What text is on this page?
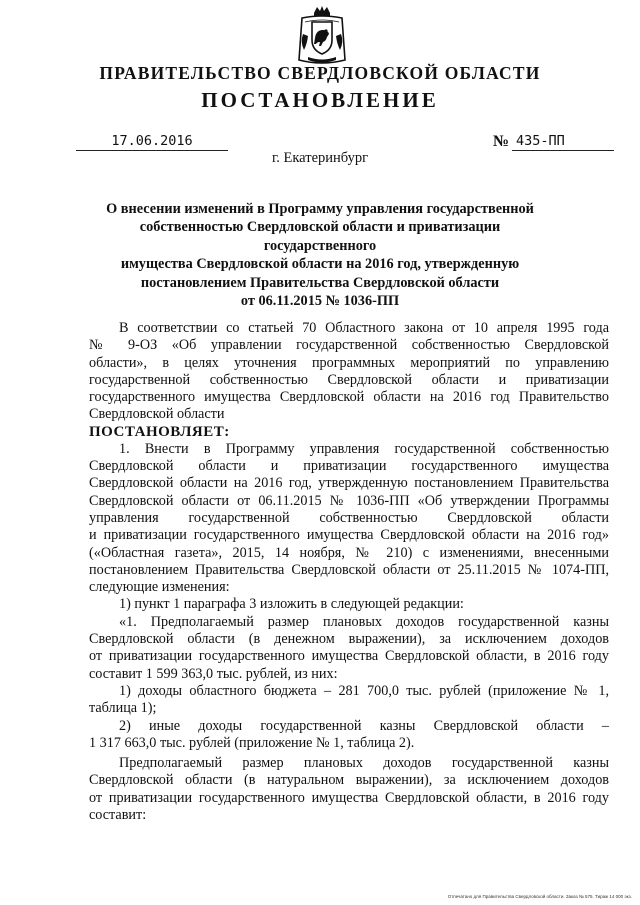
ПРАВИТЕЛЬСТВО СВЕРДЛОВСКОЙ ОБЛАСТИ
ПОСТАНОВЛЕНИЕ
17.06.2016	№ 435-ПП
г. Екатеринбург
О внесении изменений в Программу управления государственной
собственностью Свердловской области и приватизации государственного
имущества Свердловской области на 2016 год, утвержденную
постановлением Правительства Свердловской области
от 06.11.2015 № 1036-ПП

В соответствии со статьей 70 Областного закона от 10 апреля 1995 года

№ 9-ОЗ «Об управлении государственной собственностью Свердловской

области», в целях уточнения программных мероприятий по управлению

государственной собственностью Свердловской области и приватизации

государственного имущества Свердловской области на 2016 год Правительство

Свердловской области

ПОСТАНОВЛЯЕТ:

1. Внести в Программу управления государственной собственностью

Свердловской области и приватизации государственного имущества

Свердловской области на 2016 год, утвержденную постановлением Правительства

Свердловской области от 06.11.2015 № 1036-ПП «Об утверждении Программы

управления государственной собственностью Свердловской области

и приватизации государственного имущества Свердловской области на 2016 год»

(«Областная газета», 2015, 14 ноября, № 210) с изменениями, внесенными

постановлением Правительства Свердловской области от 25.11.2015 № 1074-ПП,

следующие изменения:

1) пункт 1 параграфа 3 изложить в следующей редакции:

«1. Предполагаемый размер плановых доходов государственной казны

Свердловской области (в денежном выражении), за исключением доходов

от приватизации государственного имущества Свердловской области, в 2016 году

составит 1 599 363,0 тыс. рублей, из них:

1) доходы областного бюджета – 281 700,0 тыс. рублей (приложение № 1,

таблица 1);

2) иные доходы государственной казны Свердловской области –

1 317 663,0 тыс. рублей (приложение № 1, таблица 2).

Предполагаемый размер плановых доходов государственной казны

Свердловской области (в натуральном выражении), за исключением доходов

от приватизации государственного имущества Свердловской области, в 2016 году

составит:

Отпечатано для Правительства Свердловской области. Заказ № 575. Тираж 14 000 экз.
